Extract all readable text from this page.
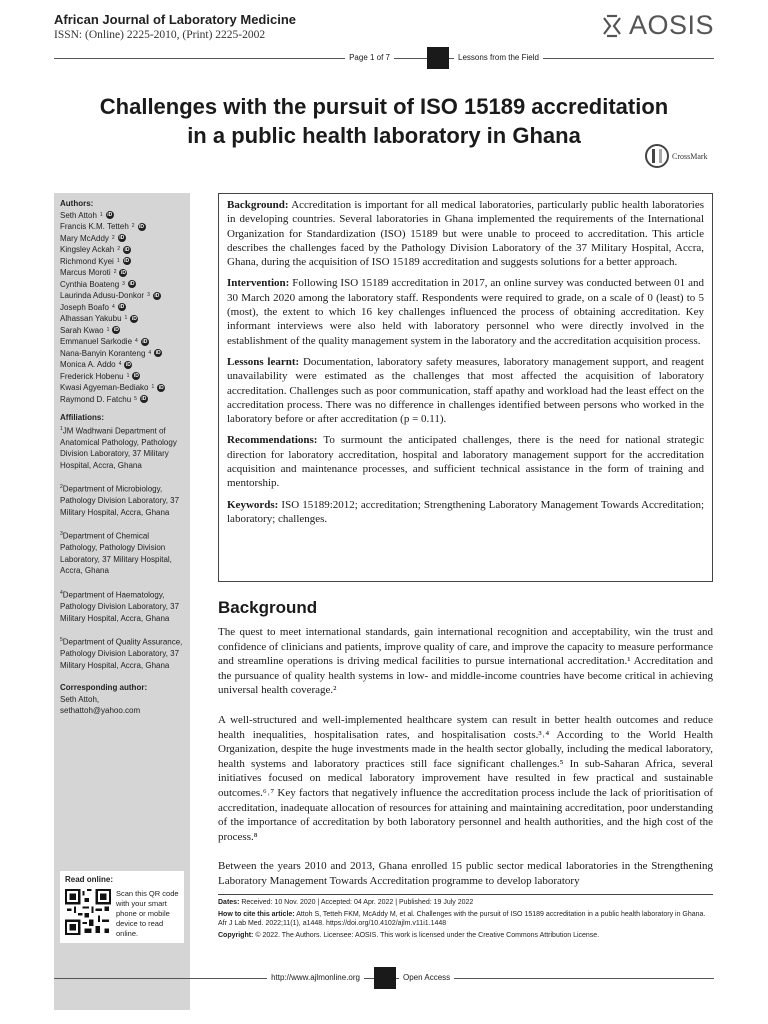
African Journal of Laboratory Medicine
ISSN: (Online) 2225-2010, (Print) 2225-2002	AOSIS
Page 1 of 7	Lessons from the Field
Challenges with the pursuit of ISO 15189 accreditation
in a public health laboratory in Ghana
CrossMark
Authors:
Seth Attoh 1 iD
Francis K.M. Tetteh 2 iD
Mary McAddy 2 iD
Kingsley Ackah 2 iD
Richmond Kyei 1 iD
Marcus Moroti 2 iD
Cynthia Boateng 3 iD
Laurinda Adusu-Donkor 3 iD
Joseph Boafo 4 iD
Alhassan Yakubu 1 iD
Sarah Kwao 1 iD
Emmanuel Sarkodie 4 iD
Nana-Banyin Koranteng 4 iD
Monica A. Addo 4 iD
Frederick Hobenu 1 iD
Kwasi Agyeman-Bediako 1 iD
Raymond D. Fatchu 5 iD
Affiliations:
$^1$JM Wadhwani Department of Anatomical Pathology, Pathology Division Laboratory, 37 Military Hospital, Accra, Ghana
$^2$Department of Microbiology, Pathology Division Laboratory, 37 Military Hospital, Accra, Ghana
$^3$Department of Chemical Pathology, Pathology Division Laboratory, 37 Military Hospital, Accra, Ghana
$^4$Department of Haematology, Pathology Division Laboratory, 37 Military Hospital, Accra, Ghana
$^5$Department of Quality Assurance, Pathology Division Laboratory, 37 Military Hospital, Accra, Ghana
Corresponding author:
Seth Attoh,
sethattoh@yahoo.com
Read online:
Scan this QR code with your smart phone or mobile device to read online.

Background: Accreditation is important for all medical laboratories, particularly public health laboratories in developing countries. Several laboratories in Ghana implemented the requirements of the International Organization for Standardization (ISO) 15189 but were unable to proceed to accreditation. This article describes the challenges faced by the Pathology Division Laboratory of the 37 Military Hospital, Accra, Ghana, during the acquisition of ISO 15189 accreditation and suggests solutions for a better approach.

Intervention: Following ISO 15189 accreditation in 2017, an online survey was conducted between 01 and 30 March 2020 among the laboratory staff. Respondents were required to grade, on a scale of 0 (least) to 5 (most), the extent to which 16 key challenges influenced the process of obtaining accreditation. Key informant interviews were also held with laboratory personnel who were directly involved in the establishment of the quality management system in the laboratory and the accreditation acquisition process.

Lessons learnt: Documentation, laboratory safety measures, laboratory management support, and reagent unavailability were estimated as the challenges that most affected the acquisition of laboratory accreditation. Challenges such as poor communication, staff apathy and workload had the least effect on the accreditation process. There was no difference in challenges identified between persons who worked in the laboratory before or after accreditation (p = 0.11).

Recommendations: To surmount the anticipated challenges, there is the need for national strategic direction for laboratory accreditation, hospital and laboratory management support for the accreditation acquisition and maintenance processes, and sufficient technical assistance in the form of training and mentorship.

Keywords: ISO 15189:2012; accreditation; Strengthening Laboratory Management Towards Accreditation; laboratory; challenges.

Background

The quest to meet international standards, gain international recognition and acceptability, win the trust and confidence of clinicians and patients, improve quality of care, and improve the capacity to measure performance and streamline operations is driving medical facilities to pursue international accreditation.¹ Accreditation and the pursuance of quality health systems in low- and middle-income countries have become critical in achieving universal health coverage.²

A well-structured and well-implemented healthcare system can result in better health outcomes and reduce health inequalities, hospitalisation rates, and hospitalisation costs.³˒⁴ According to the World Health Organization, despite the huge investments made in the health sector globally, including the medical laboratory, health systems and laboratory practices still face significant challenges.⁵ In sub-Saharan Africa, several initiatives focused on medical laboratory improvement have resulted in few practical and sustainable outcomes.⁶˒⁷ Key factors that negatively influence the accreditation process include the lack of prioritisation of accreditation, inadequate allocation of resources for attaining and maintaining accreditation, poor understanding of the importance of accreditation by both laboratory personnel and health authorities, and the high cost of the process.⁸

Between the years 2010 and 2013, Ghana enrolled 15 public sector medical laboratories in the Strengthening Laboratory Management Towards Accreditation programme to develop laboratory

Dates: Received: 10 Nov. 2020 | Accepted: 04 Apr. 2022 | Published: 19 July 2022
How to cite this article: Attoh S, Tetteh FKM, McAddy M, et al. Challenges with the pursuit of ISO 15189 accreditation in a public health laboratory in Ghana. Afr J Lab Med. 2022;11(1), a1448. https://doi.org/10.4102/ajlm.v11i1.1448
Copyright: © 2022. The Authors. Licensee: AOSIS. This work is licensed under the Creative Commons Attribution License.
http://www.ajlmonline.org	Open Access
